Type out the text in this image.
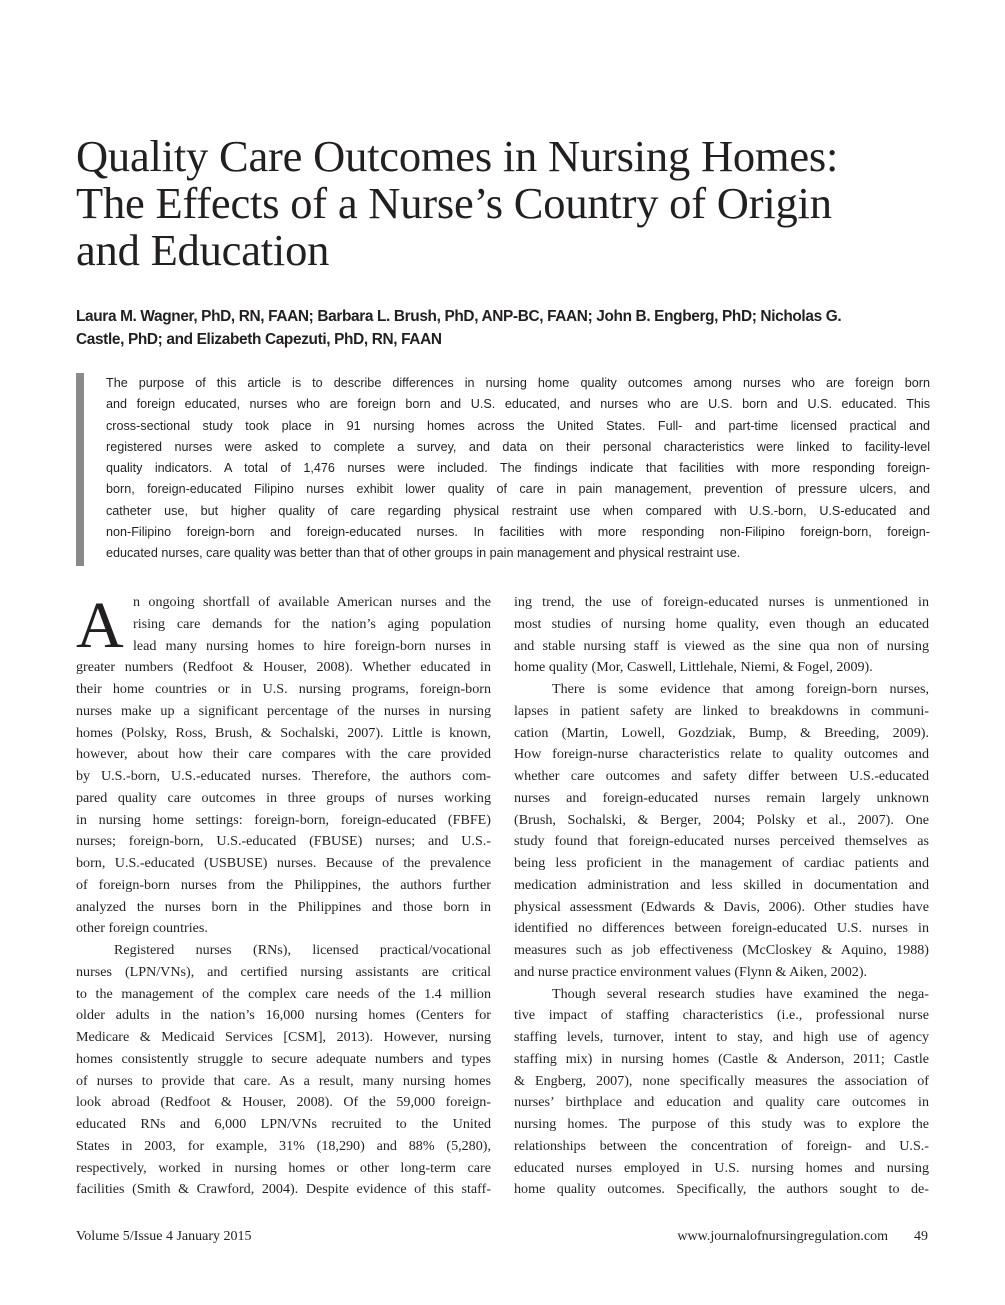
Quality Care Outcomes in Nursing Homes:
The Effects of a Nurse’s Country of Origin
and Education
Laura M. Wagner, PhD, RN, FAAN; Barbara L. Brush, PhD, ANP-BC, FAAN; John B. Engberg, PhD; Nicholas G.
Castle, PhD; and Elizabeth Capezuti, PhD, RN, FAAN
The purpose of this article is to describe differences in nursing home quality outcomes among nurses who are foreign born
and foreign educated, nurses who are foreign born and U.S. educated, and nurses who are U.S. born and U.S. educated. This
cross-sectional study took place in 91 nursing homes across the United States. Full- and part-time licensed practical and
registered nurses were asked to complete a survey, and data on their personal characteristics were linked to facility-level
quality indicators. A total of 1,476 nurses were included. The findings indicate that facilities with more responding foreign-
born, foreign-educated Filipino nurses exhibit lower quality of care in pain management, prevention of pressure ulcers, and
catheter use, but higher quality of care regarding physical restraint use when compared with U.S.-born, U.S-educated and
non-Filipino foreign-born and foreign-educated nurses. In facilities with more responding non-Filipino foreign-born, foreign-
educated nurses, care quality was better than that of other groups in pain management and physical restraint use.
A n ongoing shortfall of available American nurses and the
rising care demands for the nation’s aging population
lead many nursing homes to hire foreign-born nurses in
greater numbers (Redfoot & Houser, 2008). Whether educated in
their home countries or in U.S. nursing programs, foreign-born
nurses make up a significant percentage of the nurses in nursing
homes (Polsky, Ross, Brush, & Sochalski, 2007). Little is known,
however, about how their care compares with the care provided
by U.S.-born, U.S.-educated nurses. Therefore, the authors com-
pared quality care outcomes in three groups of nurses working
in nursing home settings: foreign-born, foreign-educated (FBFE)
nurses; foreign-born, U.S.-educated (FBUSE) nurses; and U.S.-
born, U.S.-educated (USBUSE) nurses. Because of the prevalence
of foreign-born nurses from the Philippines, the authors further
analyzed the nurses born in the Philippines and those born in
other foreign countries.
Registered nurses (RNs), licensed practical/vocational
nurses (LPN/VNs), and certified nursing assistants are critical
to the management of the complex care needs of the 1.4 million
older adults in the nation’s 16,000 nursing homes (Centers for
Medicare & Medicaid Services [CSM], 2013). However, nursing
homes consistently struggle to secure adequate numbers and types
of nurses to provide that care. As a result, many nursing homes
look abroad (Redfoot & Houser, 2008). Of the 59,000 foreign-
educated RNs and 6,000 LPN/VNs recruited to the United
States in 2003, for example, 31% (18,290) and 88% (5,280),
respectively, worked in nursing homes or other long-term care
facilities (Smith & Crawford, 2004). Despite evidence of this staff-
ing trend, the use of foreign-educated nurses is unmentioned in
most studies of nursing home quality, even though an educated
and stable nursing staff is viewed as the sine qua non of nursing
home quality (Mor, Caswell, Littlehale, Niemi, & Fogel, 2009).
There is some evidence that among foreign-born nurses,
lapses in patient safety are linked to breakdowns in communi-
cation (Martin, Lowell, Gozdziak, Bump, & Breeding, 2009).
How foreign-nurse characteristics relate to quality outcomes and
whether care outcomes and safety differ between U.S.-educated
nurses and foreign-educated nurses remain largely unknown
(Brush, Sochalski, & Berger, 2004; Polsky et al., 2007). One
study found that foreign-educated nurses perceived themselves as
being less proficient in the management of cardiac patients and
medication administration and less skilled in documentation and
physical assessment (Edwards & Davis, 2006). Other studies have
identified no differences between foreign-educated U.S. nurses in
measures such as job effectiveness (McCloskey & Aquino, 1988)
and nurse practice environment values (Flynn & Aiken, 2002).
Though several research studies have examined the nega-
tive impact of staffing characteristics (i.e., professional nurse
staffing levels, turnover, intent to stay, and high use of agency
staffing mix) in nursing homes (Castle & Anderson, 2011; Castle
& Engberg, 2007), none specifically measures the association of
nurses’ birthplace and education and quality care outcomes in
nursing homes. The purpose of this study was to explore the
relationships between the concentration of foreign- and U.S.-
educated nurses employed in U.S. nursing homes and nursing
home quality outcomes. Specifically, the authors sought to de-
Volume 5/Issue 4 January 2015	www.journalofnursingregulation.com 49
